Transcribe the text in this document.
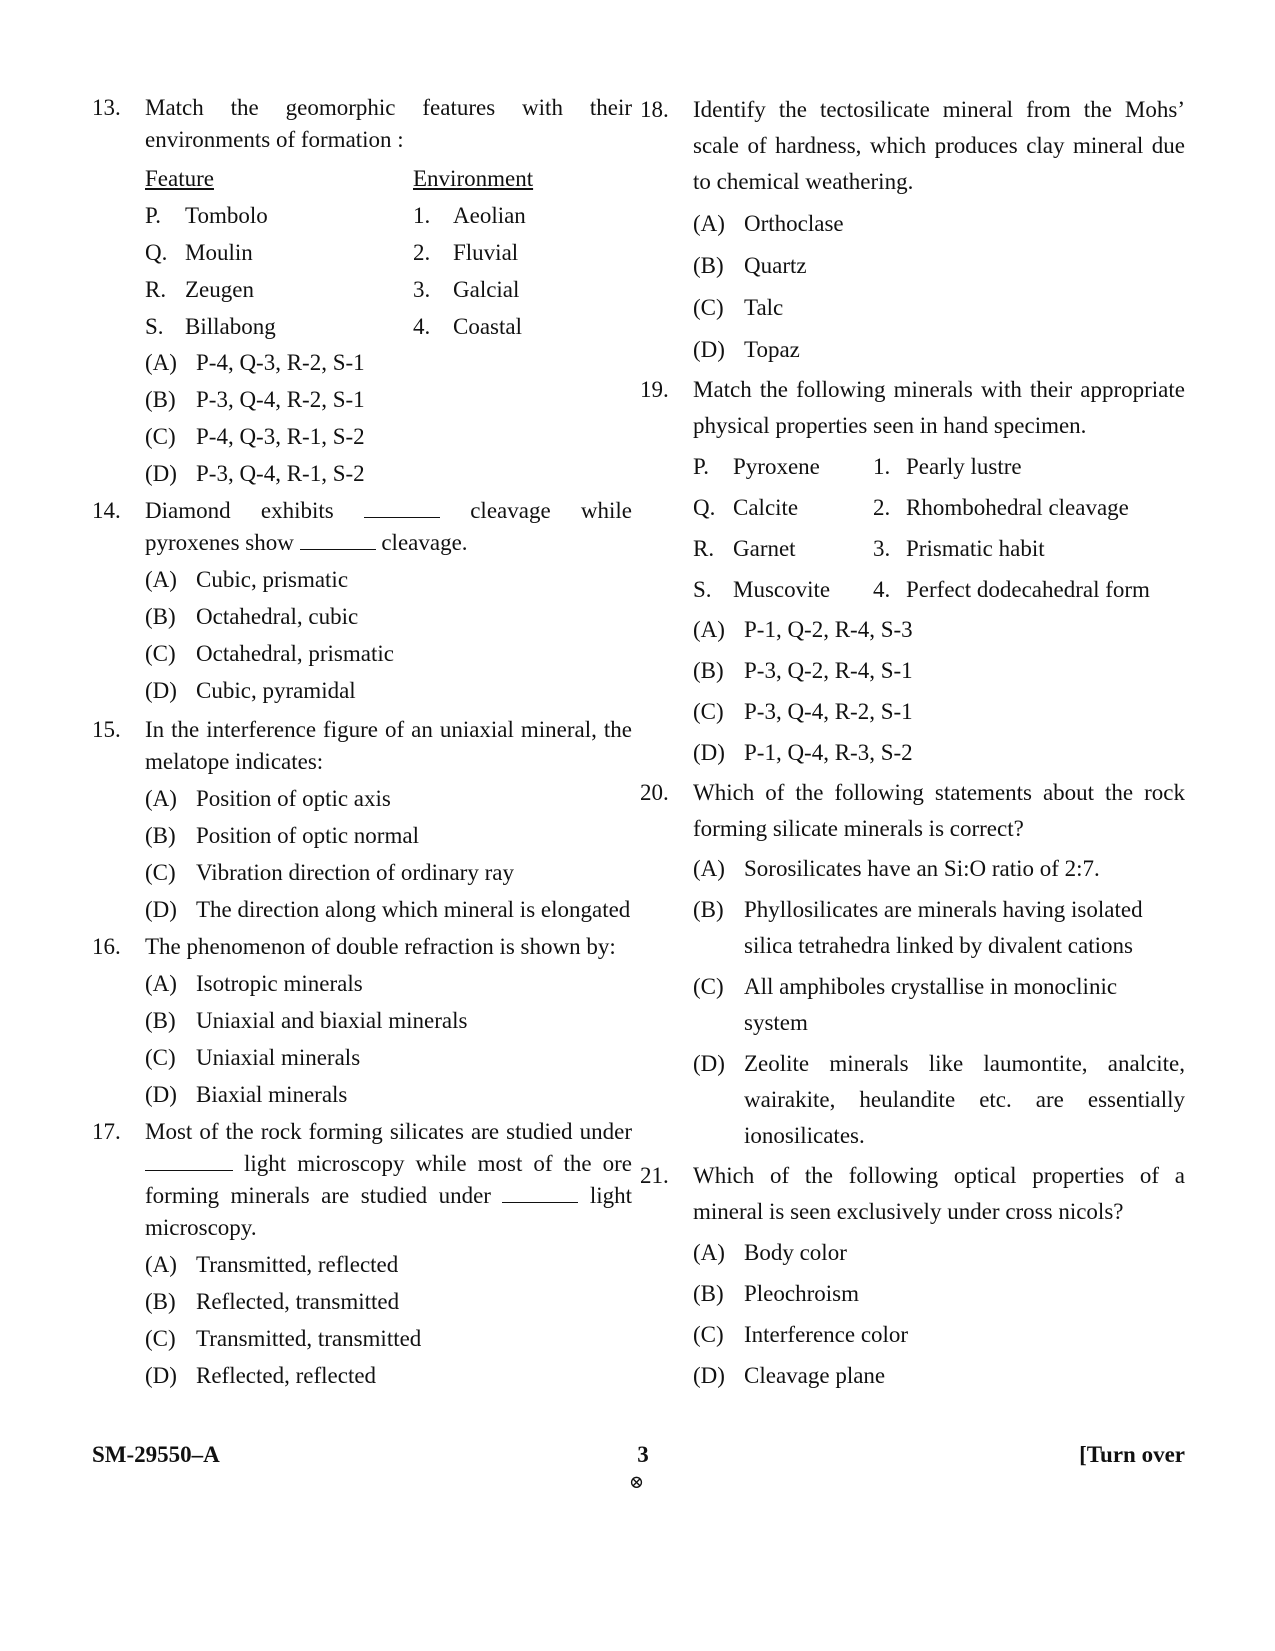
13. Match the geomorphic features with their environments of formation :
Feature		Environment	
P.	Tombolo	1.	Aeolian
Q.	Moulin	2.	Fluvial
R.	Zeugen	3.	Galcial
S.	Billabong	4.	Coastal
(A) P-4, Q-3, R-2, S-1
(B) P-3, Q-4, R-2, S-1
(C) P-4, Q-3, R-1, S-2
(D) P-3, Q-4, R-1, S-2
14. Diamond exhibits	cleavage while pyroxenes show	cleavage.
(A) Cubic, prismatic
(B) Octahedral, cubic
(C) Octahedral, prismatic
(D) Cubic, pyramidal
15. In the interference figure of an uniaxial mineral, the melatope indicates:
(A) Position of optic axis
(B) Position of optic normal
(C) Vibration direction of ordinary ray
(D) The direction along which mineral is elongated
16. The phenomenon of double refraction is shown by:
(A) Isotropic minerals
(B) Uniaxial and biaxial minerals
(C) Uniaxial minerals
(D) Biaxial minerals
17. Most of the rock forming silicates are studied under  light microscopy while most of the ore forming minerals are studied under	light microscopy.
(A) Transmitted, reflected
(B) Reflected, transmitted
(C) Transmitted, transmitted
(D) Reflected, reflected
18. Identify the tectosilicate mineral from the Mohs’ scale of hardness, which produces clay mineral due to chemical weathering.
(A) Orthoclase
(B) Quartz
(C) Talc
(D) Topaz
19. Match the following minerals with their appropriate physical properties seen in hand specimen.
P.	Pyroxene	1.	Pearly lustre
Q.	Calcite	2.	Rhombohedral cleavage
R.	Garnet	3.	Prismatic habit
S.	Muscovite	4.	Perfect dodecahedral form
(A) P-1, Q-2, R-4, S-3
(B) P-3, Q-2, R-4, S-1
(C) P-3, Q-4, R-2, S-1
(D) P-1, Q-4, R-3, S-2
20. Which of the following statements about the rock forming silicate minerals is correct?
(A) Sorosilicates have an Si:O ratio of 2:7.
(B) Phyllosilicates are minerals having isolated silica tetrahedra linked by divalent cations
(C) All amphiboles crystallise in monoclinic system
(D) Zeolite minerals like laumontite, analcite, wairakite, heulandite etc. are essentially ionosilicates.
21. Which of the following optical properties of a mineral is seen exclusively under cross nicols?
(A) Body color
(B) Pleochroism
(C) Interference color
(D) Cleavage plane
SM-29550–A	3
⊗
[Turn over
